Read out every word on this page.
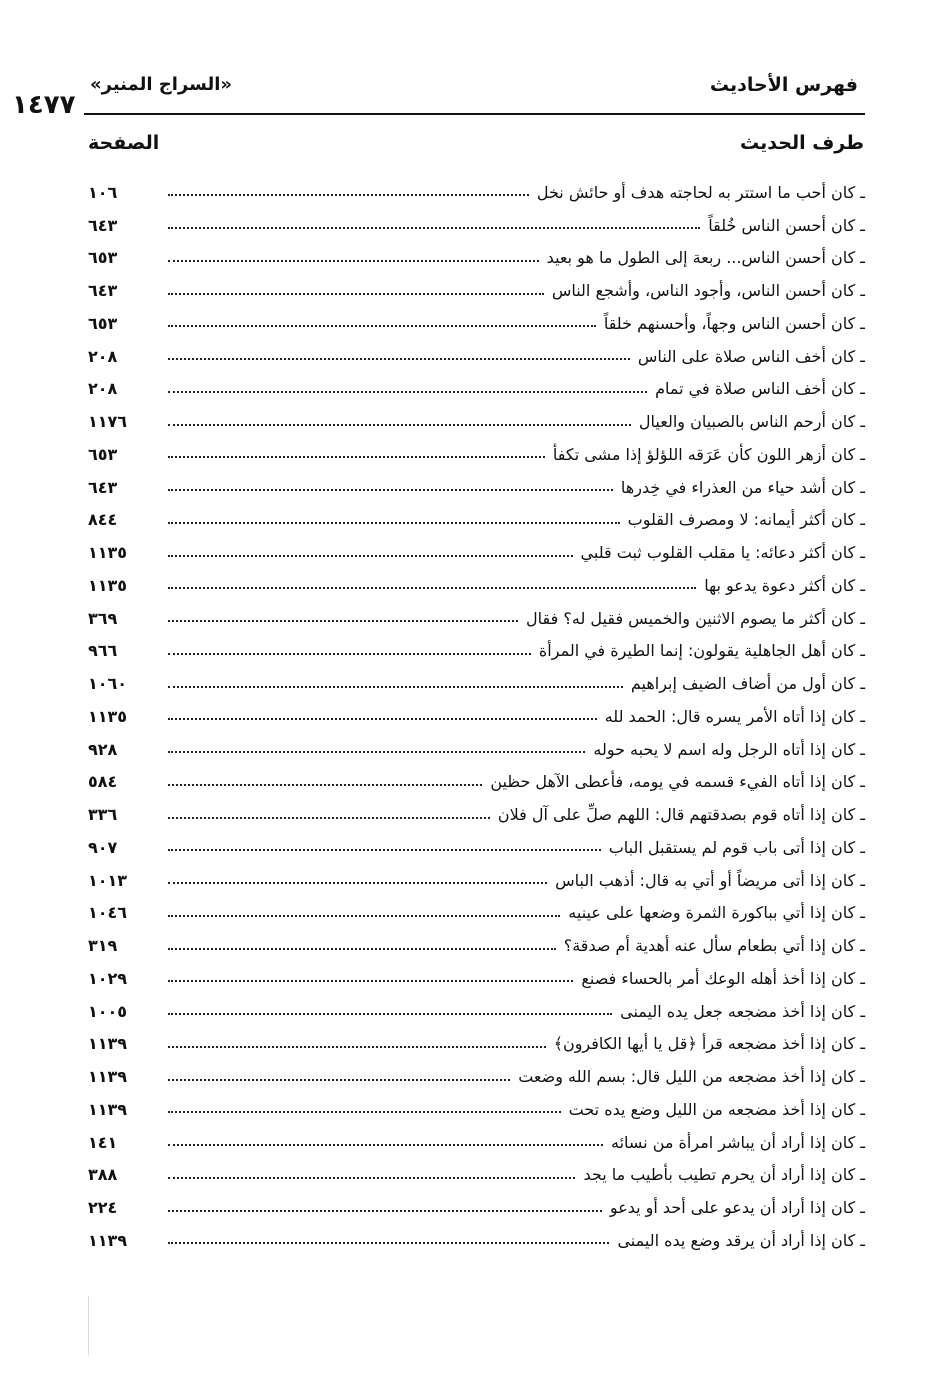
فهرس الأحاديث
«السراج المنير»
١٤٧٧
طرف الحديث
الصفحة
١٠٦	ـ كان أحب ما استتر به لحاجته هدف أو حائش نخل
٦٤٣	ـ كان أحسن الناس خُلقاً
٦٥٣	ـ كان أحسن الناس... ربعة إلى الطول ما هو بعيد
٦٤٣	ـ كان أحسن الناس، وأجود الناس، وأشجع الناس
٦٥٣	ـ كان أحسن الناس وجهاً، وأحسنهم خلقاً
٢٠٨	ـ كان أخف الناس صلاة على الناس
٢٠٨	ـ كان أخف الناس صلاة في تمام
١١٧٦	ـ كان أرحم الناس بالصبيان والعيال
٦٥٣	ـ كان أزهر اللون كأن عَرَقه اللؤلؤ إذا مشى تكفأ
٦٤٣	ـ كان أشد حياء من العذراء في خِدرها
٨٤٤	ـ كان أكثر أيمانه: لا ومصرف القلوب
١١٣٥	ـ كان أكثر دعائه: يا مقلب القلوب ثبت قلبي
١١٣٥	ـ كان أكثر دعوة يدعو بها
٣٦٩	ـ كان أكثر ما يصوم الاثنين والخميس فقيل له؟ فقال
٩٦٦	ـ كان أهل الجاهلية يقولون: إنما الطيرة في المرأة
١٠٦٠	ـ كان أول من أضاف الضيف إبراهيم
١١٣٥	ـ كان إذا أتاه الأمر يسره قال: الحمد لله
٩٢٨	ـ كان إذا أتاه الرجل وله اسم لا يحبه حوله
٥٨٤	ـ كان إذا أتاه الفيء قسمه في يومه، فأعطى الآهل حظين
٣٣٦	ـ كان إذا أتاه قوم بصدقتهم قال: اللهم صلِّ على آل فلان
٩٠٧	ـ كان إذا أتى باب قوم لم يستقبل الباب
١٠١٣	ـ كان إذا أتى مريضاً أو أتي به قال: أذهب الباس
١٠٤٦	ـ كان إذا أتي بباكورة الثمرة وضعها على عينيه
٣١٩	ـ كان إذا أتي بطعام سأل عنه أهدية أم صدقة؟
١٠٢٩	ـ كان إذا أخذ أهله الوعك أمر بالحساء فصنع
١٠٠٥	ـ كان إذا أخذ مضجعه جعل يده اليمنى
١١٣٩	ـ كان إذا أخذ مضجعه قرأ ﴿قل يا أيها الكافرون﴾
١١٣٩	ـ كان إذا أخذ مضجعه من الليل قال: بسم الله وضعت
١١٣٩	ـ كان إذا أخذ مضجعه من الليل وضع يده تحت
١٤١	ـ كان إذا أراد أن يباشر امرأة من نسائه
٣٨٨	ـ كان إذا أراد أن يحرم تطيب بأطيب ما يجد
٢٢٤	ـ كان إذا أراد أن يدعو على أحد أو يدعو
١١٣٩	ـ كان إذا أراد أن يرقد وضع يده اليمنى
